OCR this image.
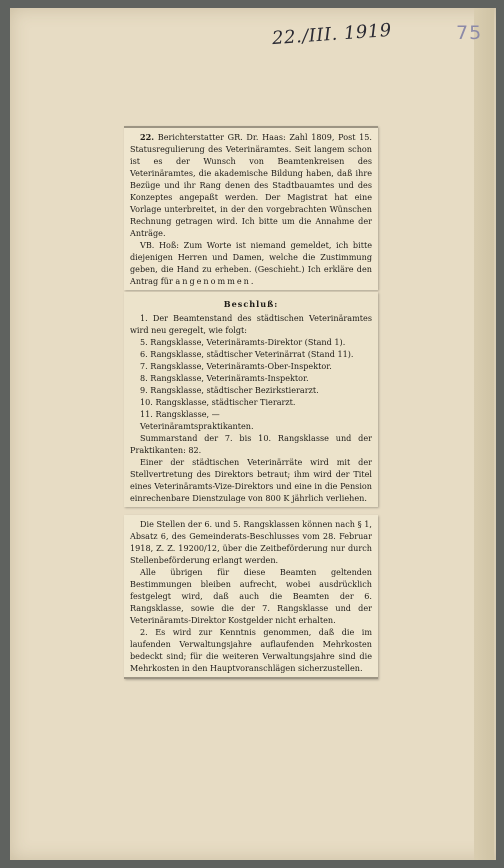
22./III. 1919	75

22. Berichterstatter GR. Dr. Haas: Zahl 1809, Post 15. Statusregulierung des Veterinäramtes. Seit langem schon ist es der Wunsch von Beamtenkreisen des Veterinäramtes, die akademische Bildung haben, daß ihre Bezüge und ihr Rang denen des Stadtbauamtes und des Konzeptes angepaßt werden. Der Magistrat hat eine Vorlage unterbreitet, in der den vorgebrachten Wünschen Rechnung getragen wird. Ich bitte um die Annahme der Anträge.

VB. Hoß: Zum Worte ist niemand gemeldet, ich bitte diejenigen Herren und Damen, welche die Zustimmung geben, die Hand zu erheben. (Geschieht.) Ich erkläre den Antrag für angenommen.

Beschluß:

1. Der Beamtenstand des städtischen Veterinäramtes wird neu geregelt, wie folgt:

5. Rangsklasse, Veterinäramts-Direktor (Stand 1).
6. Rangsklasse, städtischer Veterinärrat (Stand 11).
7. Rangsklasse, Veterinäramts-Ober-Inspektor.
8. Rangsklasse, Veterinäramts-Inspektor.
9. Rangsklasse, städtischer Bezirkstierarzt.
10. Rangsklasse, städtischer Tierarzt.
11. Rangsklasse, —
Veterinäramtspraktikanten.

Summarstand der 7. bis 10. Rangsklasse und der Praktikanten: 82.

Einer der städtischen Veterinärräte wird mit der Stellvertretung des Direktors betraut; ihm wird der Titel eines Veterinäramts-Vize-Direktors und eine in die Pension einrechenbare Dienstzulage von 800 K jährlich verliehen.

Die Stellen der 6. und 5. Rangsklassen können nach § 1, Absatz 6, des Gemeinderats-Beschlusses vom 28. Februar 1918, Z. Z. 19200/12, über die Zeitbeförderung nur durch Stellenbeförderung erlangt werden.

Alle übrigen für diese Beamten geltenden Bestimmungen bleiben aufrecht, wobei ausdrücklich festgelegt wird, daß auch die Beamten der 6. Rangsklasse, sowie die der 7. Rangsklasse und der Veterinäramts-Direktor Kostgelder nicht erhalten.

2. Es wird zur Kenntnis genommen, daß die im laufenden Verwaltungsjahre auflaufenden Mehrkosten bedeckt sind; für die weiteren Verwaltungsjahre sind die Mehrkosten in den Hauptvoranschlägen sicherzustellen.
